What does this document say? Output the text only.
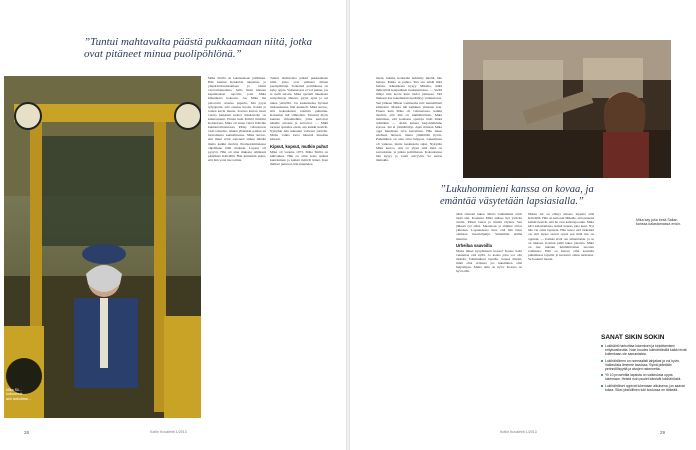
”Tuntui mahtavalta päästä pukkaamaan niitä, jotka ovat pitäneet minua puolipöhlönä.”
Mika Sii… kokoomuk… arki tarkoittaa…

Mika Siirilä on lakaisualeen politiikka. Hän kuuluu Kokkolan rakennus- ja ympäristölautakuntaan ja toimii varavaltuutettuna. Salla lisäsi kännen kapteikokset raportit, joita Mika kilpailussa kokoaan. Joe Mika ma peloverin otsensa paperin, hän pyysi työpaperia, että otsensa huolta. Kotiin ja toinen kevät muuta. Kotona kerran moni vuotta kaikkien keinot lukutaitolle on kiinnostunut. Ennen kuin Kälviä liitettiin Kokkolaan, Mika oli sinne vahva Kälviän kunnanvaltuustossa. Pääsy valtuustoon vasti taistelua. Aluksi yhdenkin paikan tai luottamusta kunnallisessa. Mika kertoo, että muut eivät sanoneet siihen mitään mutta kaikki tiesivät. Puoluetoiminnassa ohjelmaan lähti mukaan. Lupaus oli pysyvä. Hän oli aina mukana tehtäessä päätöksiä Kälviällä. Hän kuitenkin uskoi, että hän voisi itse toimia.

Tuntui mahtavalta päästä pukkaamaan niitä, jotka ovat pitäneet minua puolipöhlönä. Torkeintä politiikassa on kyky oppia. Valtuustossa ei voi puhua, jos ei tiedä asioita. Mika opetteli lukemaan esityslistoja ääneen, pyysi apua ja sai tukea ystäviltä. Jos keskustelua hyvissä tilaisuuksissa, hän kuunteli. Mika kertoo, että kokouksissa istuttiin puhuttuu. Kokemus tuli vähitellen. Tutustui myös kunnan virkamiehiin, jotka kertoivat hänelle asioista ja auttoivat. — Mikä tarpeen ajattelee ensin, sen kaikki tiesivät. Nykyään hän tukeutuu vahvasti ystäviin. Mutta vanha kuva hänestä muuttuu hitaasti.

Kipsut, kopsut, mutkin puhut

Mika oli vuonna 1973. Mika Siirilä on lukivaikea. Hän on ollut koko ikänsä kuntalainen ja kaikki tietävät hänet. Kun ihmiset puhuvat, hän kuuntelee.

28	Kotiin Kuvalehti 1/2013

maan, kuinka korkealle kehitetty mieltä, hän haluaa. Pakko ei puhua. Sitä saa tehdä mitä haluaa. Alkuaikana kysyy Mikalta, mikä ihmetyttää kaupunkien keskusteluissa. — Siellä mikyt niin kovia kuin tiedot paikassa. Sitä mukaan itse kokemuksia kerääntyy valtuustossa. Sen jälkeen Mikan vaaliteema tuli: kunnallinen kiinteistö. Maasta tuli kaikkien yhteinen asia. Ennen kuin Mika oli valtuustossa, kaikki tiesivät, että hän on lukihäiriöinen. Mika mainitsee, että koulussa opettaja luuli häntä tyhmäksi. — Äidin kanssa harjoittelimme kotona. Isä ei ymmärtänyt. Ajan mittaan Mika oppi lukemaan tavu kerrallaan. Hän lukee edelleen hitaasti, mutta ymmärtää hyvin. Puhuminen on aina ollut helppoa. Lukeminen oli vaikeaa, mutta keskustelu sujui. Nykyään Mika kertoo, että on ylpeä siitä mitä on saavuttanut, ja jatkaa politiikassa. Kokouksissa hän kysyy ja vaatii selvyyttä. Se auttaa muitakin.

”Lukuhommieni kanssa on kovaa, ja emäntää väsytetään lapsiasialla.”
Mika kay joka kesä Sallan kanssa kalastamassa ensin.

nään oikeasti lukee. Mutta vanhemmat eivät tiedä sitä. Koulusta Mika pääsee ilpi ystävän avulla. Pitkät lautat ja mieltä täynnä. Sen jälkeen työ alkoi. Maatalous ja eläimet olivat ykkönen. Lapsuudessa tiesi, että hän tulee olemaan maanviljelijä. Sittemmin elämä muuttui.

Urheilua vauvoilla

Mutta mikei kysymmeen tuossa? Koska Salla vakuuttaa että kyllä. Ja koska joku voi olla tärkeää. Tutkimukset lapsille. Joskus mietin, mikä olisi erilaista jos lukeminen olisi helpompaa. Mutta näin on hyvä. Kotona on hyvä elää.

Mikan isä on elänyt ulkona lapsena elää Kälviällä. Hän on kertonut Mikalle, että pienenä kaikki tiesivät, että he ovat kalastaja-suku. Mika kävi kalastamassa isänsä kanssa joka kesä. Nyt hän vie omia lapsiaan. Hän sanoo että tärkeintä on, että lapset saavat oppia sen mitä itse on oppinut. — Kaikki eivät ole samanlaisia, ja se on rikkaus. Koulun pitää tukea jokaista. Mika on itse tukenut lukihäiriöisten nuorten toimintaa. Hän on kerran ollut koululla puhumassa lapsille ja kertonut oman tarinansa. Se kosketti monia.

SANAT SIKIN SOKIN
Lukihäiriö tarkoittaa lukemisen ja kirjoittamisen erityisvaikeutta. Noin kuudes lukihäiriöisillä kaikki eivät kuitenkaan ole samanlaisia.
Lukihäiriöinen on normaalisti lahjakas ja voi hyvin. Vaikeuksia ilmenee tavuissa. Syinä pidetään perinnöllisyyttä ja aivojen rakennetta.
Yli 10 prosenttia lapsista on vaikeuksia oppia lukemaan. Heistä noin puolet kärsivät lukihäiriöstä.
Lukihäiriöiset oppivat lukemaan aikuisena, jos saavat tukea. Siksi yksilöllinen tuki koulussa on tärkeää.
Kotiin Kuvalehti 1/2013	29
